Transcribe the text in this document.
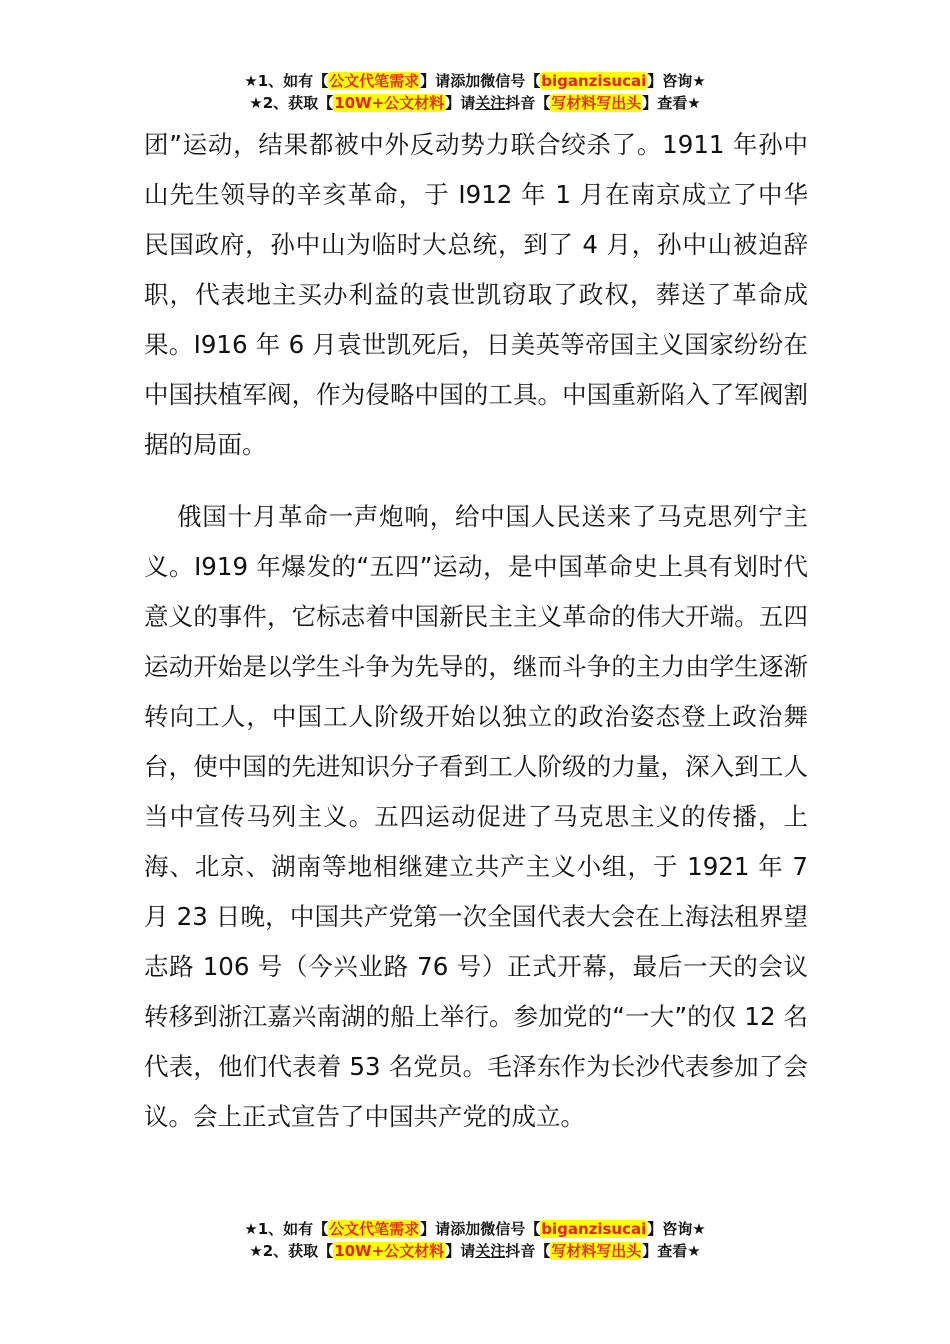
★1、如有【公文代笔需求】请添加微信号【biganzisucai】咨询★
★2、获取【10W+公文材料】请关注抖音【写材料写出头】查看★

团”运动，结果都被中外反动势力联合绞杀了。1911 年孙中山先生领导的辛亥革命，于 I912 年 1 月在南京成立了中华民国政府，孙中山为临时大总统，到了 4 月，孙中山被迫辞职，代表地主买办利益的袁世凯窃取了政权，葬送了革命成果。I916 年 6 月袁世凯死后，日美英等帝国主义国家纷纷在中国扶植军阀，作为侵略中国的工具。中国重新陷入了军阀割据的局面。

俄国十月革命一声炮响，给中国人民送来了马克思列宁主义。I919 年爆发的“五四”运动，是中国革命史上具有划时代意义的事件，它标志着中国新民主主义革命的伟大开端。五四运动开始是以学生斗争为先导的，继而斗争的主力由学生逐渐转向工人，中国工人阶级开始以独立的政治姿态登上政治舞台，使中国的先进知识分子看到工人阶级的力量，深入到工人当中宣传马列主义。五四运动促进了马克思主义的传播，上海、北京、湖南等地相继建立共产主义小组，于 1921 年 7 月 23 日晚，中国共产党第一次全国代表大会在上海法租界望志路 106 号（今兴业路 76 号）正式开幕，最后一天的会议转移到浙江嘉兴南湖的船上举行。参加党的“一大”的仅 12 名代表，他们代表着 53 名党员。毛泽东作为长沙代表参加了会议。会上正式宣告了中国共产党的成立。

★1、如有【公文代笔需求】请添加微信号【biganzisucai】咨询★
★2、获取【10W+公文材料】请关注抖音【写材料写出头】查看★
